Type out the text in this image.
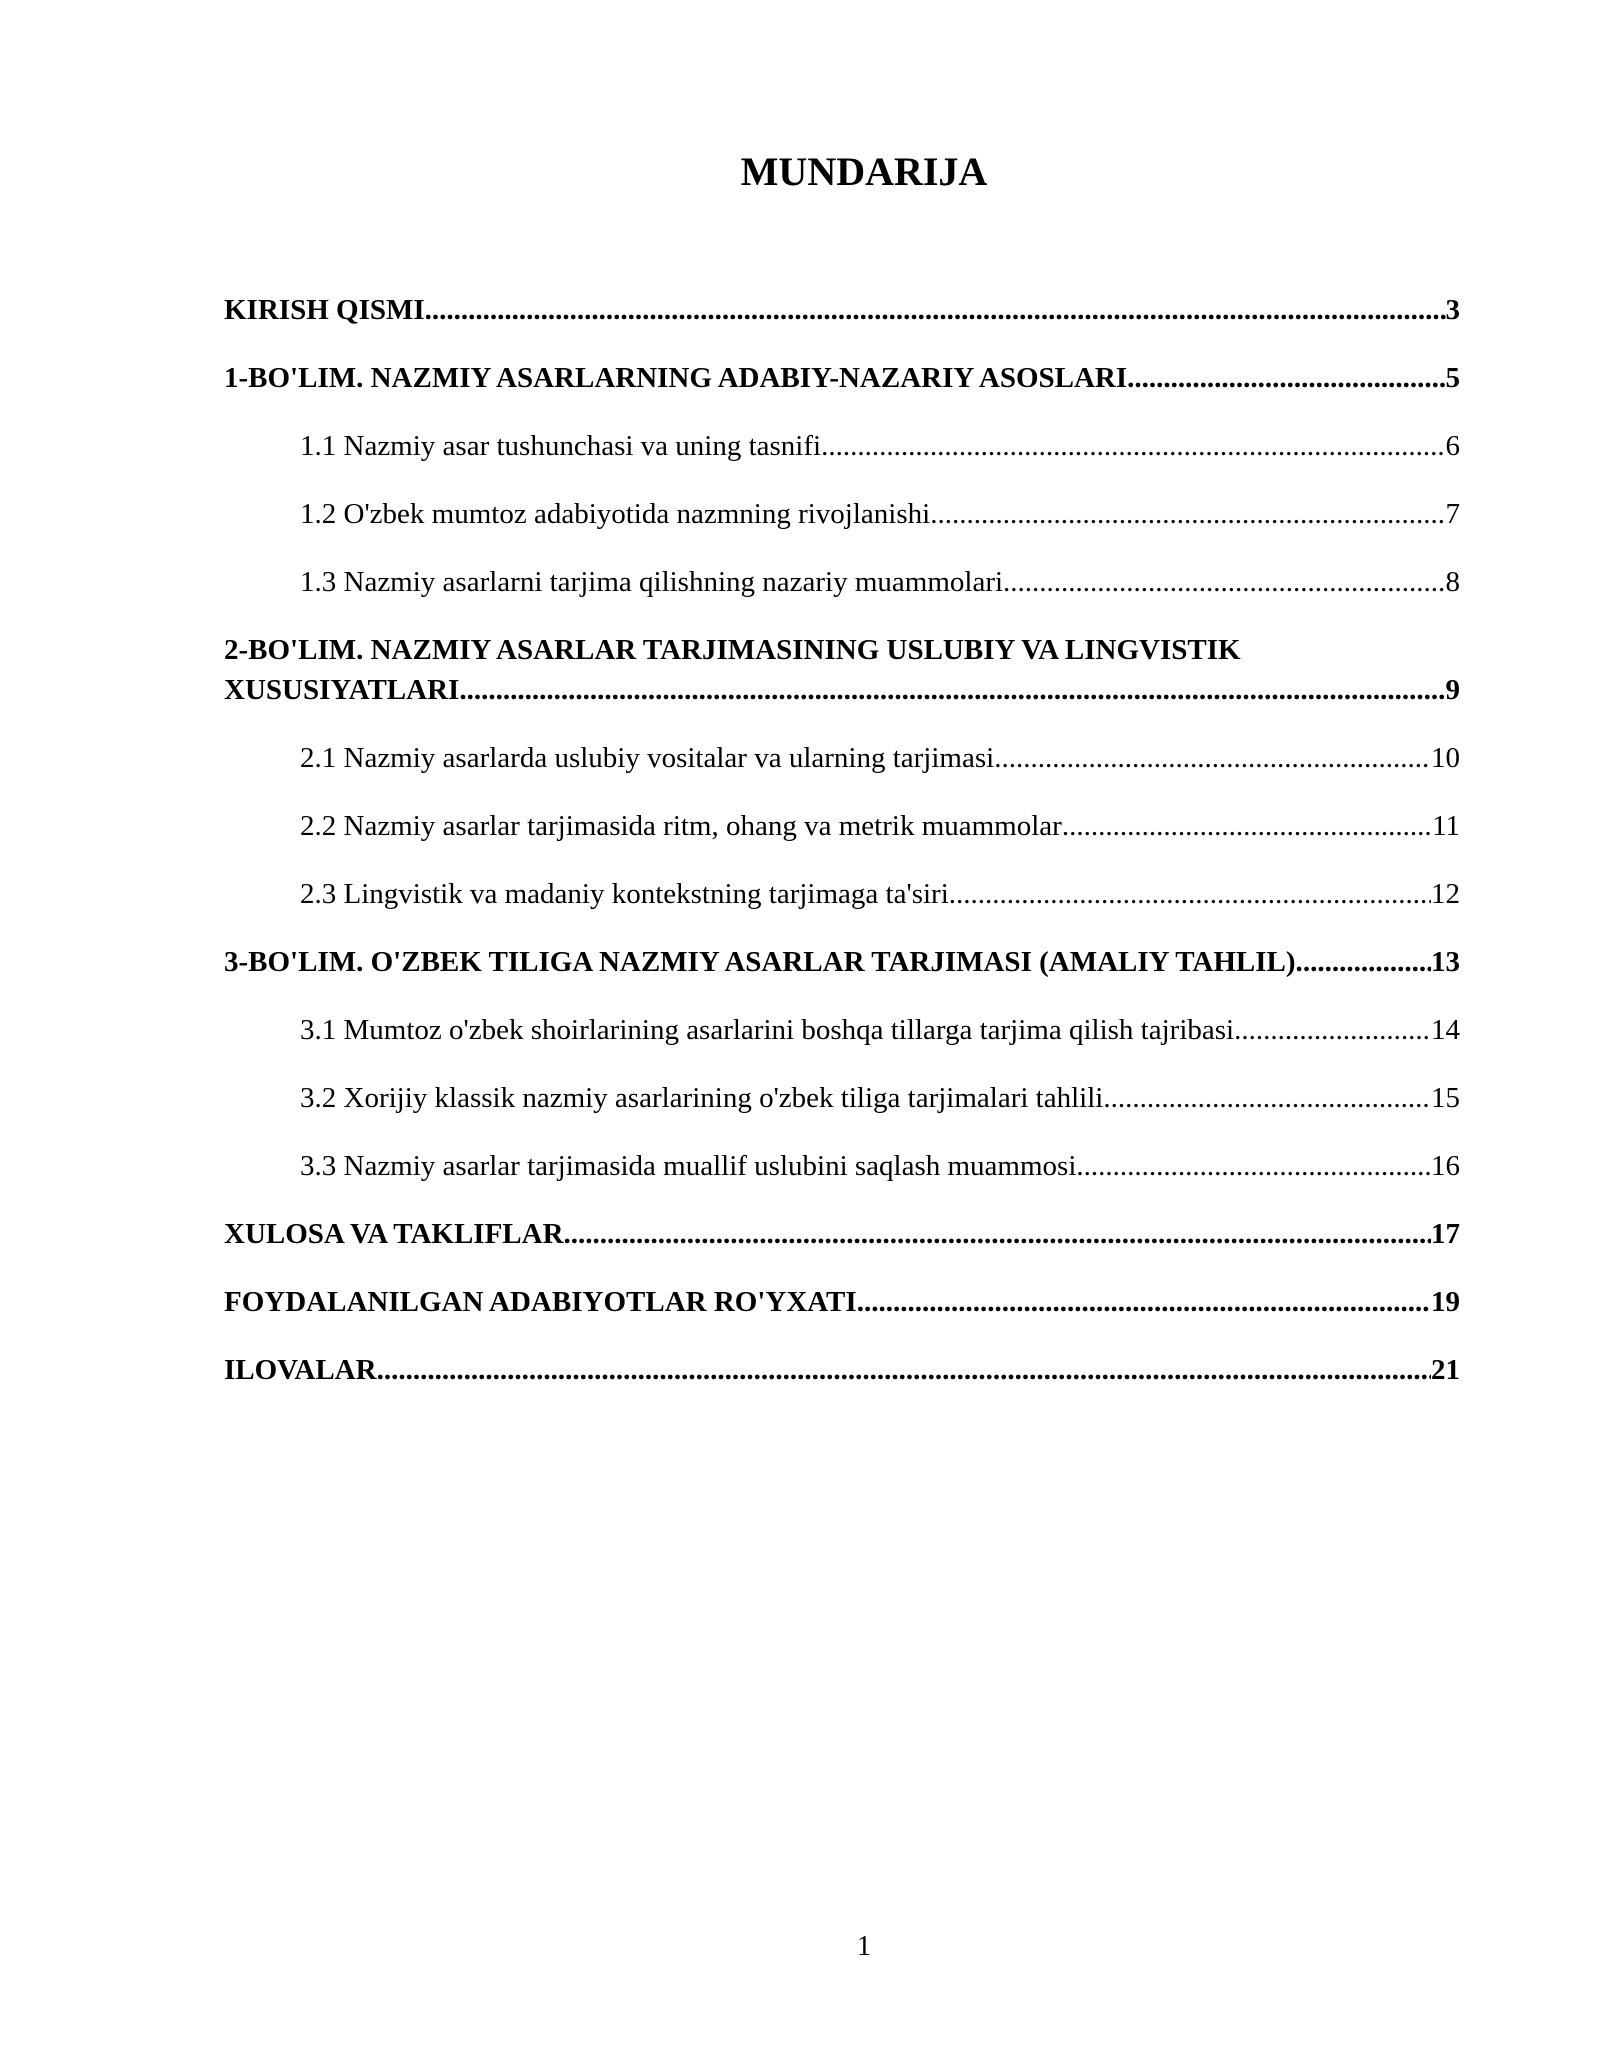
MUNDARIJA
KIRISH QISMI .....	3
1-BO'LIM. NAZMIY ASARLARNING ADABIY-NAZARIY ASOSLARI .....	5
1.1 Nazmiy asar tushunchasi va uning tasnifi .....	6
1.2 O'zbek mumtoz adabiyotida nazmning rivojlanishi .....	7
1.3 Nazmiy asarlarni tarjima qilishning nazariy muammolari .....	8
2-BO'LIM. NAZMIY ASARLAR TARJIMASINING USLUBIY VA LINGVISTIK
XUSUSIYATLARI .....	9
2.1 Nazmiy asarlarda uslubiy vositalar va ularning tarjimasi .....	10
2.2 Nazmiy asarlar tarjimasida ritm, ohang va metrik muammolar .....	11
2.3 Lingvistik va madaniy kontekstning tarjimaga ta'siri .....	12
3-BO'LIM. O'ZBEK TILIGA NAZMIY ASARLAR TARJIMASI (AMALIY TAHLIL). .....	13
3.1 Mumtoz o'zbek shoirlarining asarlarini boshqa tillarga tarjima qilish tajribasi .....	14
3.2 Xorijiy klassik nazmiy asarlarining o'zbek tiliga tarjimalari tahlili .....	15
3.3 Nazmiy asarlar tarjimasida muallif uslubini saqlash muammosi .....	16
XULOSA VA TAKLIFLAR .....	17
FOYDALANILGAN ADABIYOTLAR RO'YXATI .....	19
ILOVALAR .....	21
1
